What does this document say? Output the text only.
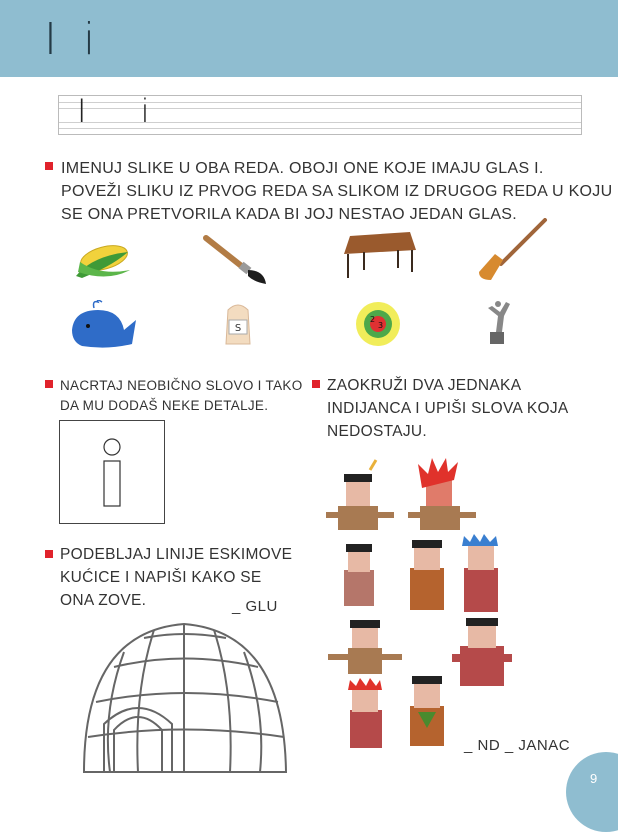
I i
I i
IMENUJ SLIKE U OBA REDA. OBOJI ONE KOJE IMAJU GLAS I.
POVEŽI SLIKU IZ PRVOG REDA SA SLIKOM IZ DRUGOG REDA U KOJU
SE ONA PRETVORILA KADA BI JOJ NESTAO JEDAN GLAS.
S
2
3
NACRTAJ NEOBIČNO SLOVO I TAKO
DA MU DODAŠ NEKE DETALJE.
ZAOKRUŽI DVA JEDNAKA
INDIJANCA I UPIŠI SLOVA KOJA
NEDOSTAJU.
PODEBLJAJ LINIJE ESKIMOVE
KUĆICE I NAPIŠI KAKO SE
ONA ZOVE.	_ GLU
_ ND _ JANAC
9
